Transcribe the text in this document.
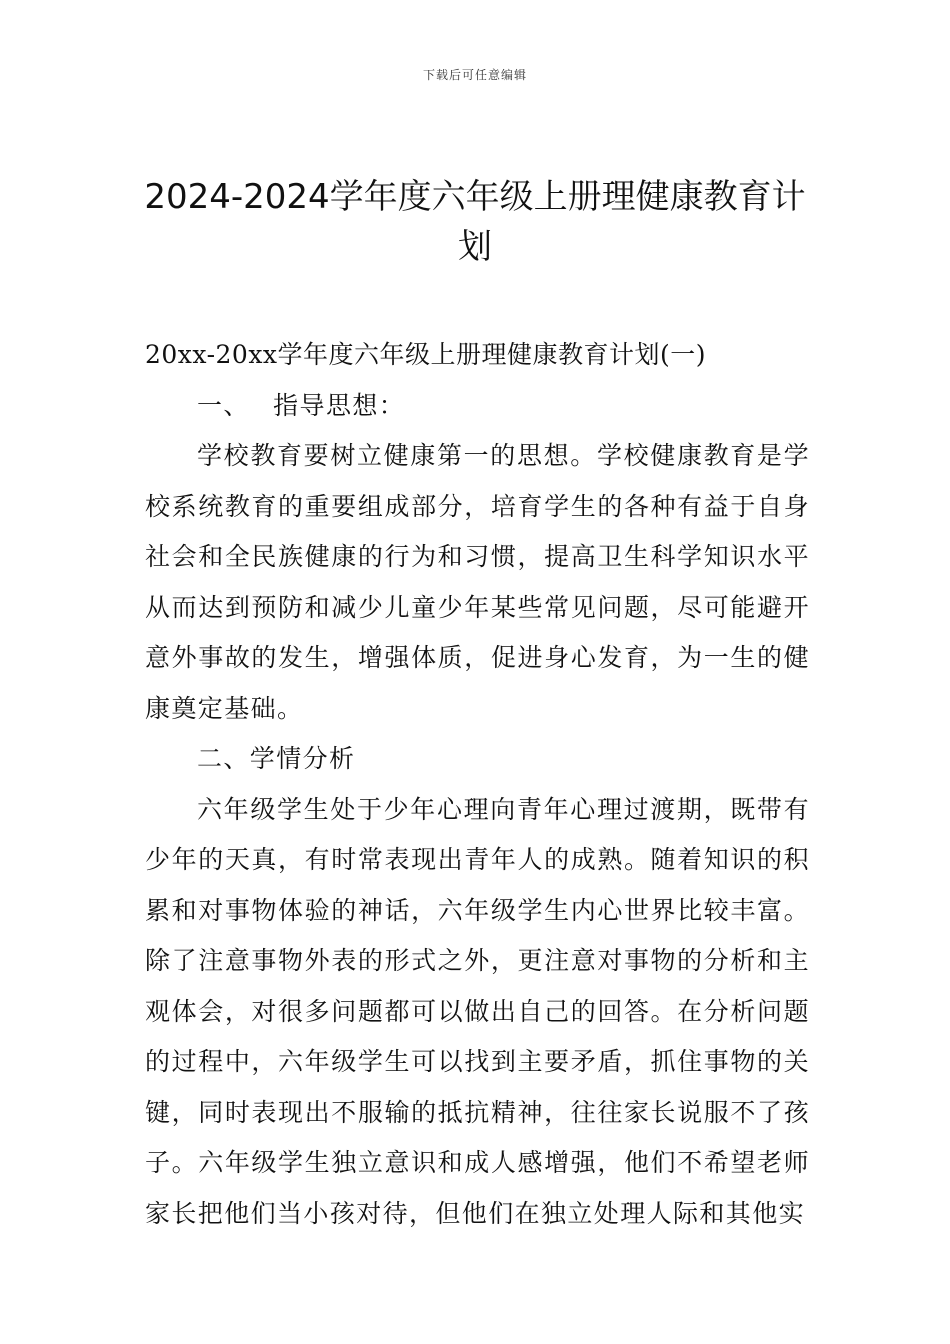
下载后可任意编辑
2024-2024学年度六年级上册理健康教育计划

20xx-20xx学年度六年级上册理健康教育计划(一)

一、 指导思想：

学校教育要树立健康第一的思想。学校健康教育是学校系统教育的重要组成部分，培育学生的各种有益于自身社会和全民族健康的行为和习惯，提高卫生科学知识水平从而达到预防和减少儿童少年某些常见问题，尽可能避开意外事故的发生，增强体质，促进身心发育，为一生的健康奠定基础。

二、学情分析

六年级学生处于少年心理向青年心理过渡期，既带有少年的天真，有时常表现出青年人的成熟。随着知识的积累和对事物体验的神话，六年级学生内心世界比较丰富。除了注意事物外表的形式之外，更注意对事物的分析和主观体会，对很多问题都可以做出自己的回答。在分析问题的过程中，六年级学生可以找到主要矛盾，抓住事物的关键，同时表现出不服输的抵抗精神，往往家长说服不了孩子。六年级学生独立意识和成人感增强，他们不希望老师家长把他们当小孩对待，但他们在独立处理人际和其他实
